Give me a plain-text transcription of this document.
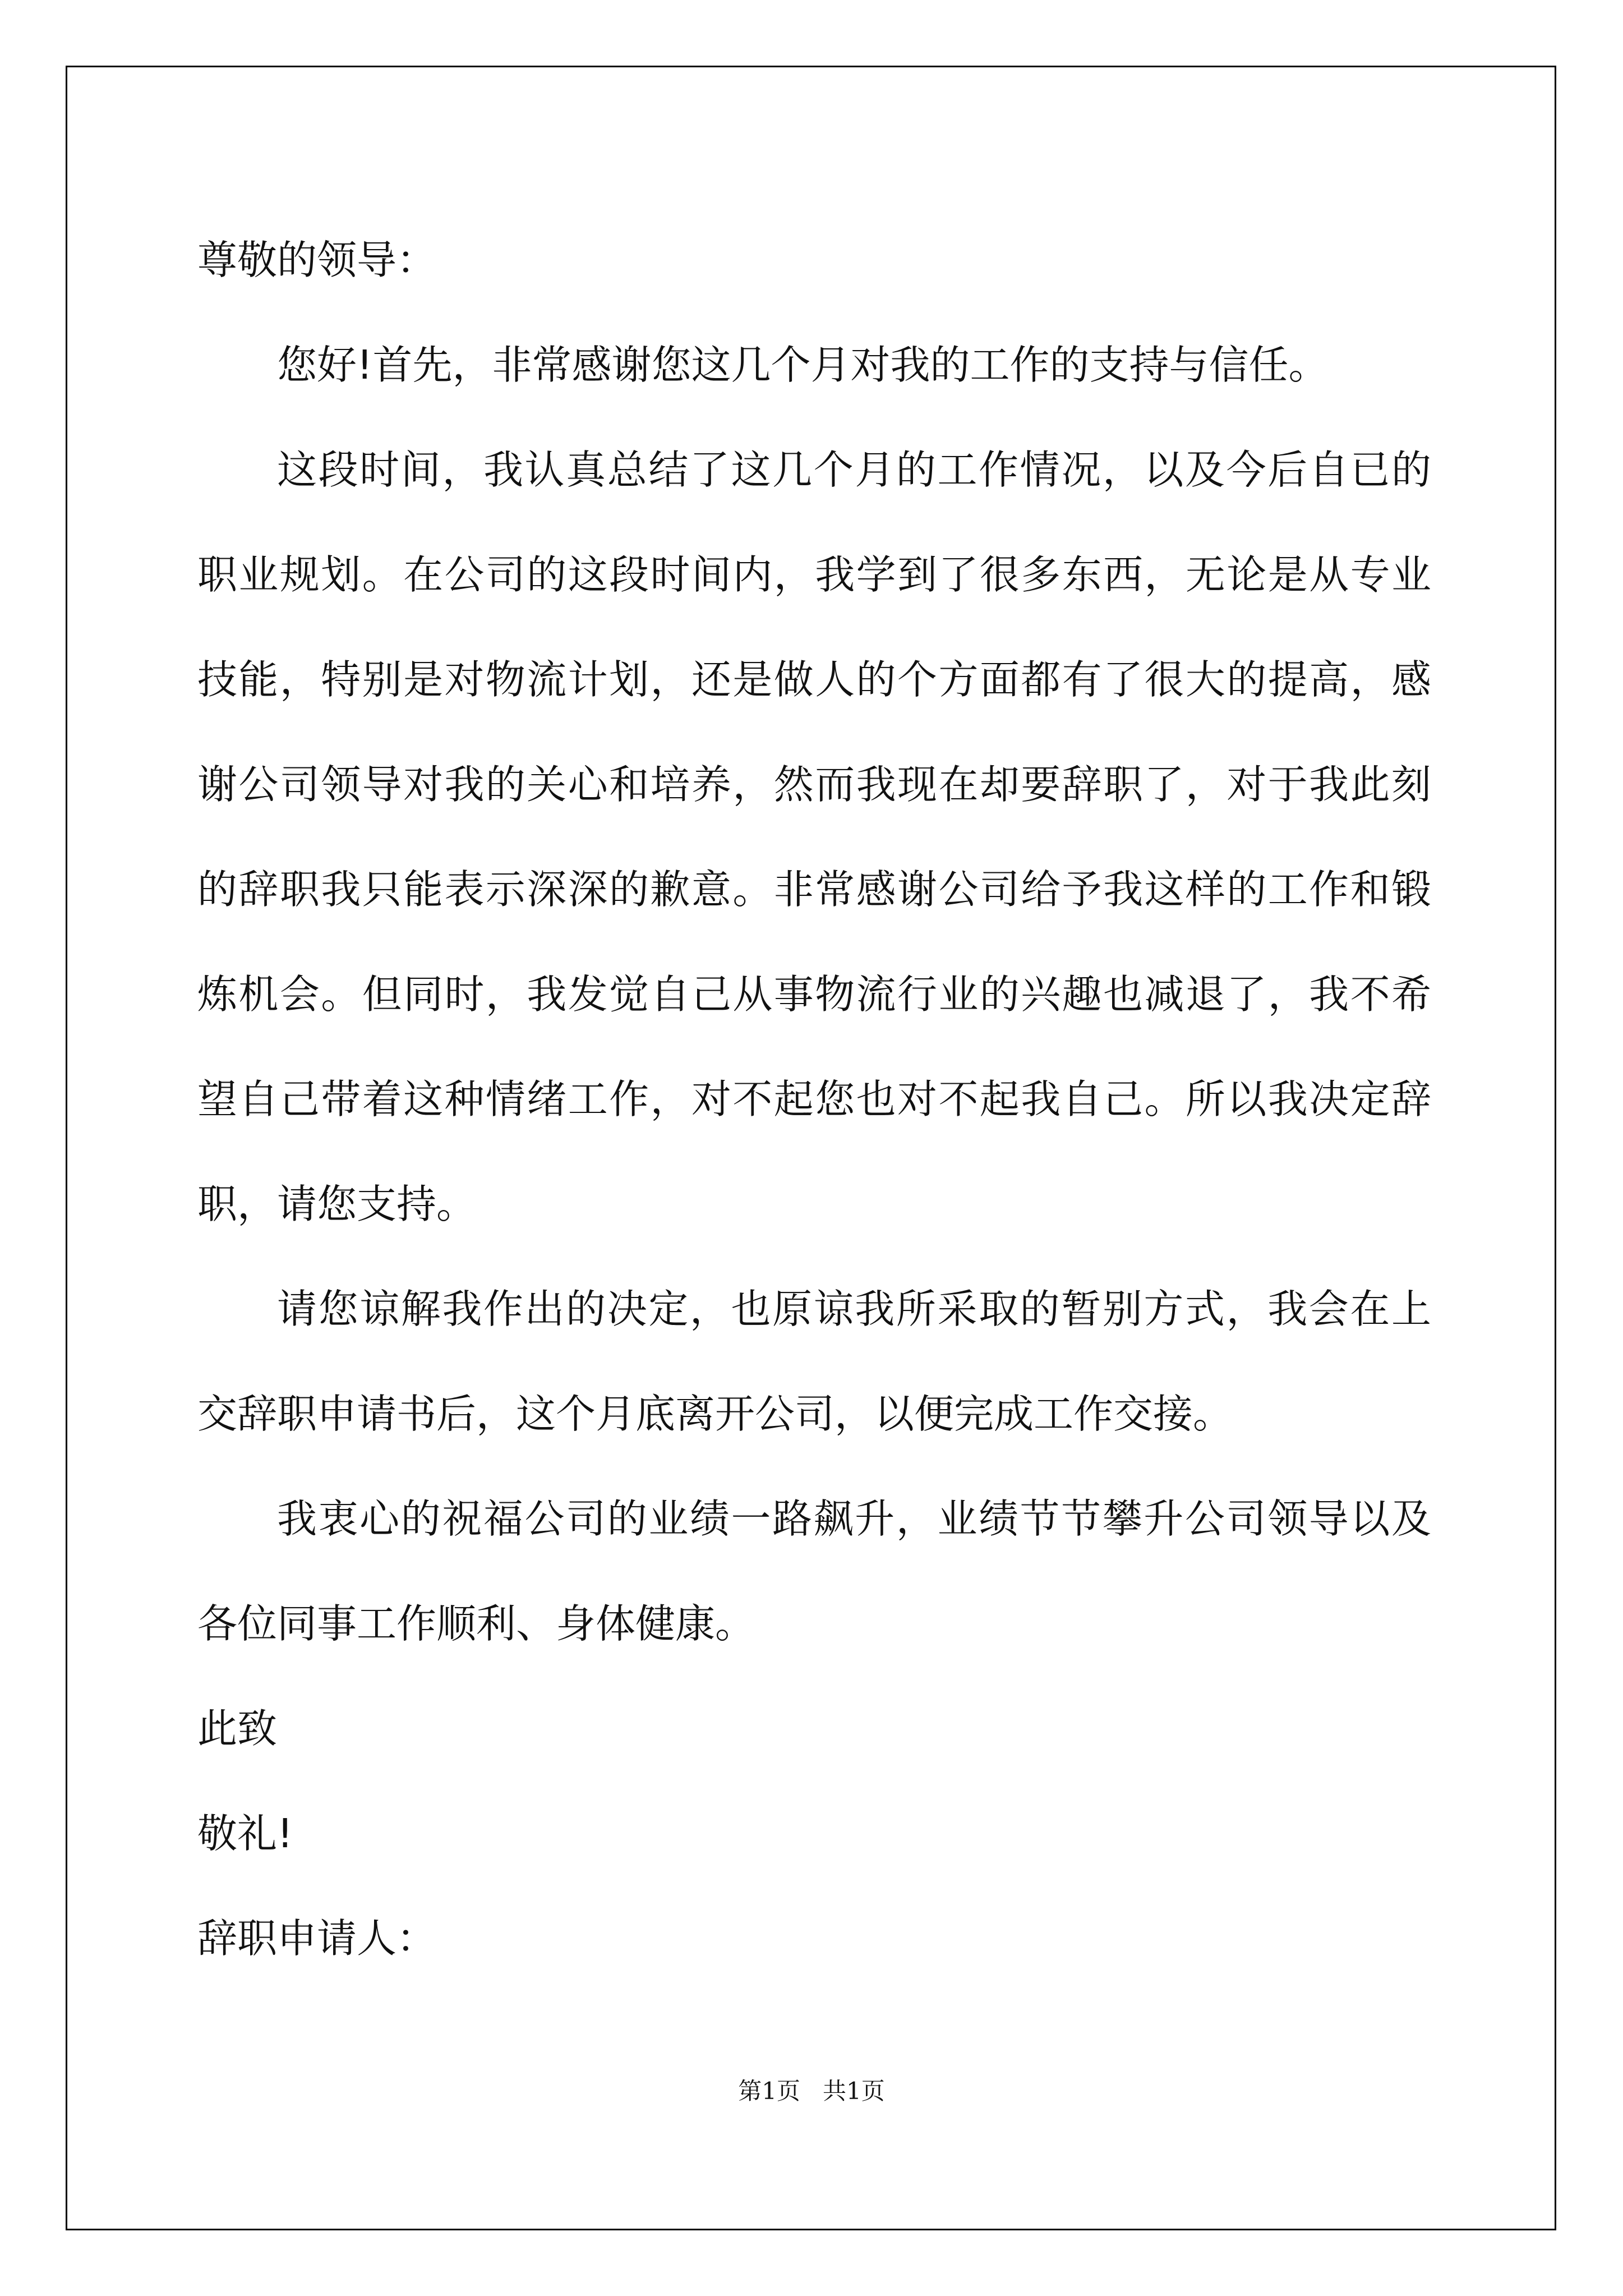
尊敬的领导：
您好!首先，非常感谢您这几个月对我的工作的支持与信任。
这段时间，我认真总结了这几个月的工作情况，以及今后自已的职业规划。在公司的这段时间内，我学到了很多东西，无论是从专业技能，特别是对物流计划，还是做人的个方面都有了很大的提高，感谢公司领导对我的关心和培养，然而我现在却要辞职了，对于我此刻的辞职我只能表示深深的歉意。非常感谢公司给予我这样的工作和锻炼机会。但同时，我发觉自己从事物流行业的兴趣也减退了，我不希望自己带着这种情绪工作，对不起您也对不起我自己。所以我决定辞职，请您支持。
请您谅解我作出的决定，也原谅我所采取的暂别方式，我会在上交辞职申请书后，这个月底离开公司，以便完成工作交接。
我衷心的祝福公司的业绩一路飙升，业绩节节攀升公司领导以及各位同事工作顺利、身体健康。
此致
敬礼!
辞职申请人：
第1页   共1页
